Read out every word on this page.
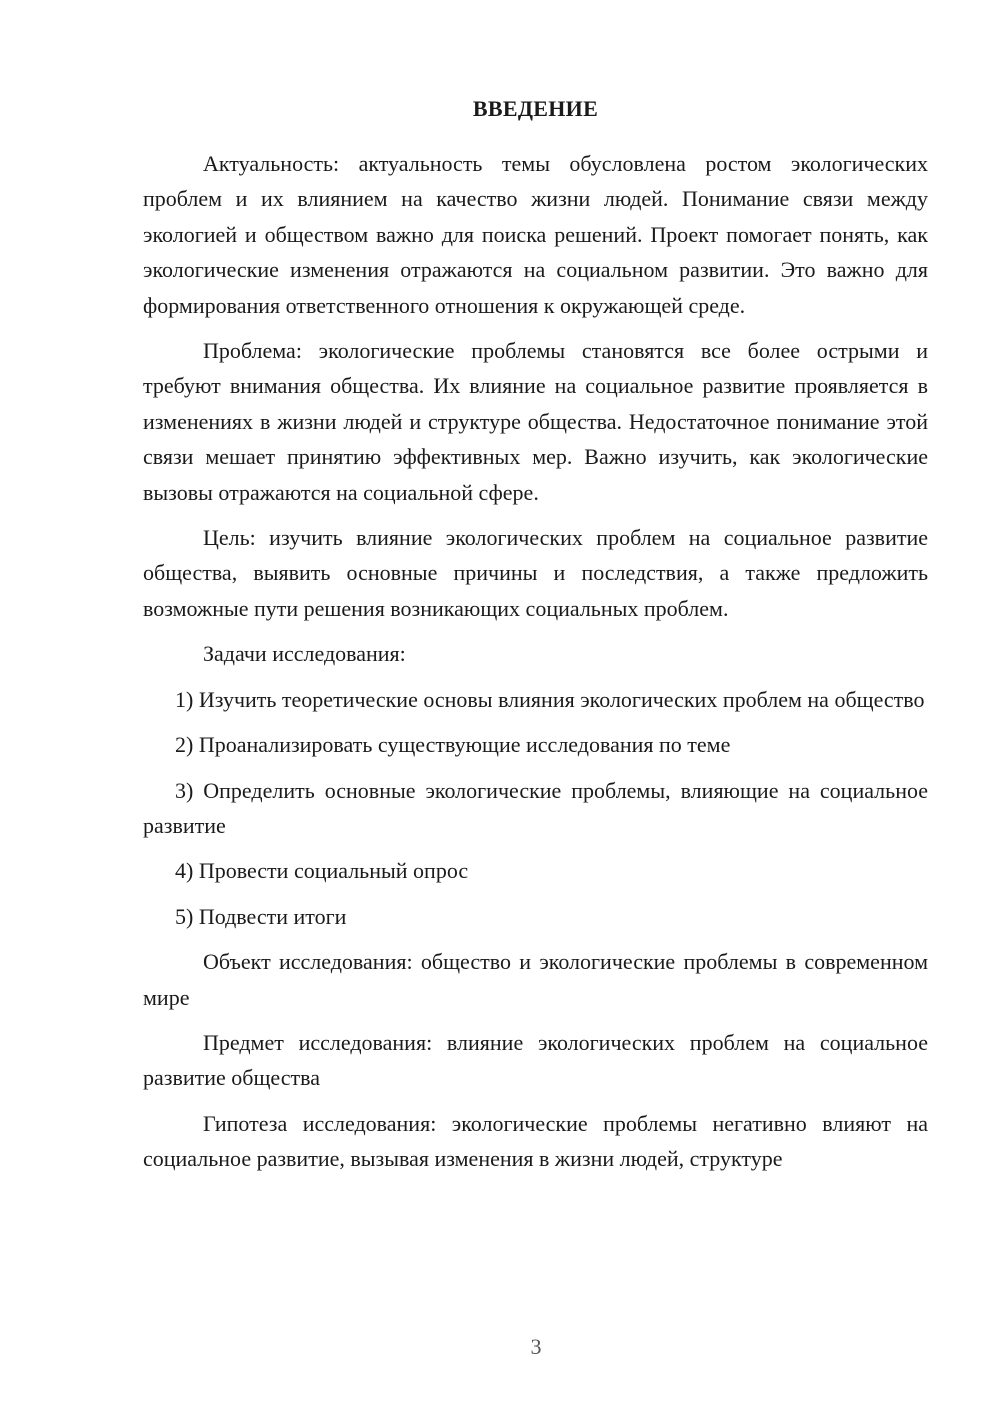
ВВЕДЕНИЕ

Актуальность: актуальность темы обусловлена ростом экологических проблем и их влиянием на качество жизни людей. Понимание связи между экологией и обществом важно для поиска решений. Проект помогает понять, как экологические изменения отражаются на социальном развитии. Это важно для формирования ответственного отношения к окружающей среде.

Проблема: экологические проблемы становятся все более острыми и требуют внимания общества. Их влияние на социальное развитие проявляется в изменениях в жизни людей и структуре общества. Недостаточное понимание этой связи мешает принятию эффективных мер. Важно изучить, как экологические вызовы отражаются на социальной сфере.

Цель: изучить влияние экологических проблем на социальное развитие общества, выявить основные причины и последствия, а также предложить возможные пути решения возникающих социальных проблем.

Задачи исследования:

1) Изучить теоретические основы влияния экологических проблем на общество

2) Проанализировать существующие исследования по теме

3) Определить основные экологические проблемы, влияющие на социальное развитие

4) Провести социальный опрос

5) Подвести итоги

Объект исследования: общество и экологические проблемы в современном мире

Предмет исследования: влияние экологических проблем на социальное развитие общества

Гипотеза исследования: экологические проблемы негативно влияют на социальное развитие, вызывая изменения в жизни людей, структуре

3
